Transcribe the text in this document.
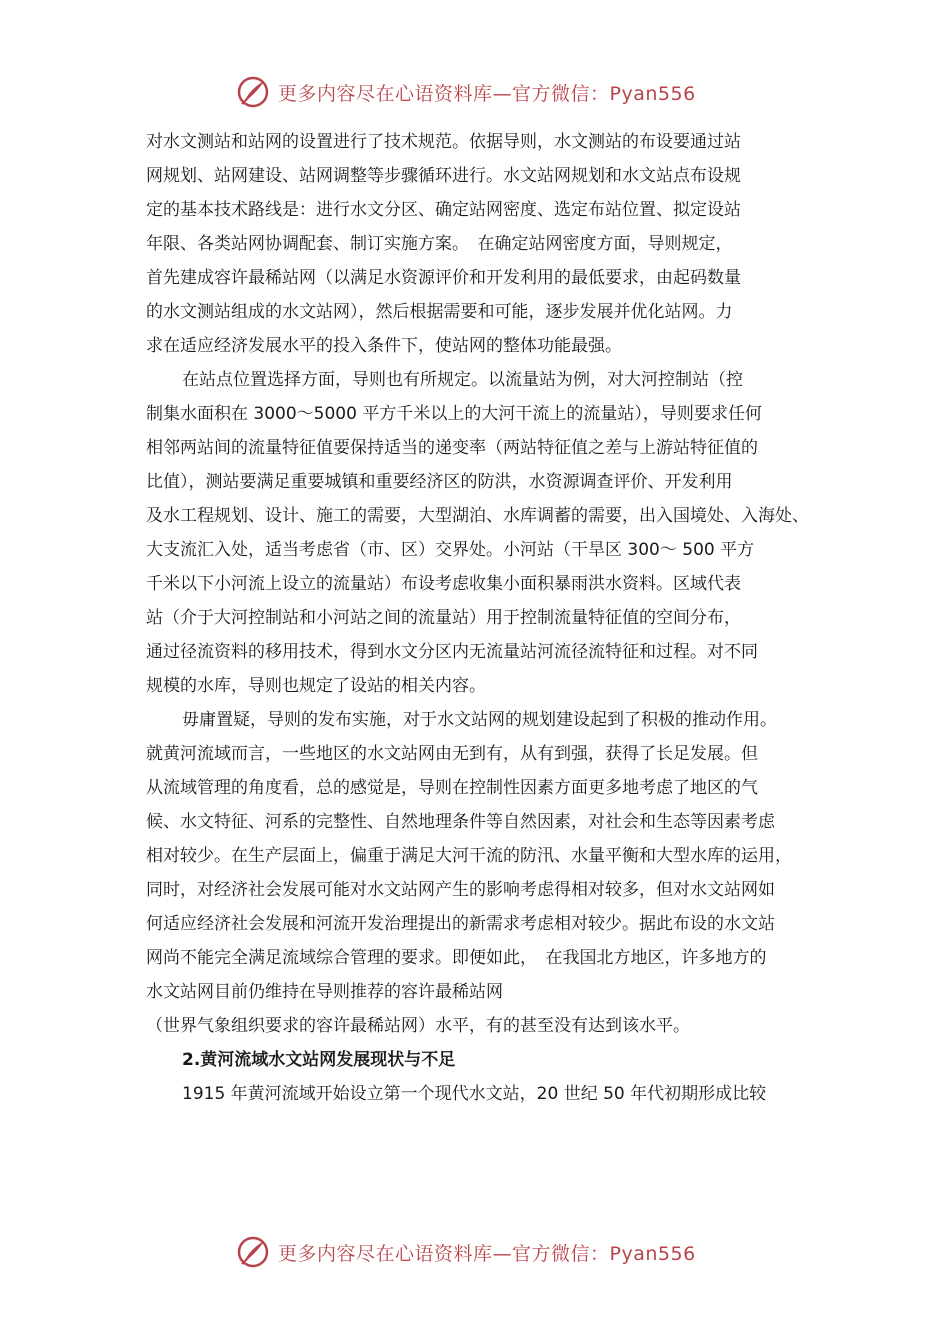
更多内容尽在心语资料库—官方微信：Pyan556
对水文测站和站网的设置进行了技术规范。依据导则，水文测站的布设要通过站
网规划、站网建设、站网调整等步骤循环进行。水文站网规划和水文站点布设规
定的基本技术路线是：进行水文分区、确定站网密度、选定布站位置、拟定设站
年限、各类站网协调配套、制订实施方案。　在确定站网密度方面，导则规定，
首先建成容许最稀站网（以满足水资源评价和开发利用的最低要求，由起码数量
的水文测站组成的水文站网），然后根据需要和可能，逐步发展并优化站网。力
求在适应经济发展水平的投入条件下，使站网的整体功能最强。
在站点位置选择方面，导则也有所规定。以流量站为例，对大河控制站（控
制集水面积在 3000～5000 平方千米以上的大河干流上的流量站），导则要求任何
相邻两站间的流量特征值要保持适当的递变率（两站特征值之差与上游站特征值的
比值），测站要满足重要城镇和重要经济区的防洪，水资源调查评价、开发利用
及水工程规划、设计、施工的需要，大型湖泊、水库调蓄的需要，出入国境处、入海处、
大支流汇入处，适当考虑省（市、区）交界处。小河站（干旱区 300～ 500 平方
千米以下小河流上设立的流量站）布设考虑收集小面积暴雨洪水资料。区域代表
站（介于大河控制站和小河站之间的流量站）用于控制流量特征值的空间分布，
通过径流资料的移用技术，得到水文分区内无流量站河流径流特征和过程。对不同
规模的水库，导则也规定了设站的相关内容。
毋庸置疑，导则的发布实施，对于水文站网的规划建设起到了积极的推动作用。
就黄河流域而言，一些地区的水文站网由无到有，从有到强，获得了长足发展。但
从流域管理的角度看，总的感觉是，导则在控制性因素方面更多地考虑了地区的气
候、水文特征、河系的完整性、自然地理条件等自然因素，对社会和生态等因素考虑
相对较少。在生产层面上，偏重于满足大河干流的防汛、水量平衡和大型水库的运用，
同时，对经济社会发展可能对水文站网产生的影响考虑得相对较多，但对水文站网如
何适应经济社会发展和河流开发治理提出的新需求考虑相对较少。据此布设的水文站
网尚不能完全满足流域综合管理的要求。即便如此，　在我国北方地区，许多地方的
水文站网目前仍维持在导则推荐的容许最稀站网
（世界气象组织要求的容许最稀站网）水平，有的甚至没有达到该水平。
2.黄河流域水文站网发展现状与不足
1915 年黄河流域开始设立第一个现代水文站，20 世纪 50 年代初期形成比较
更多内容尽在心语资料库—官方微信：Pyan556
